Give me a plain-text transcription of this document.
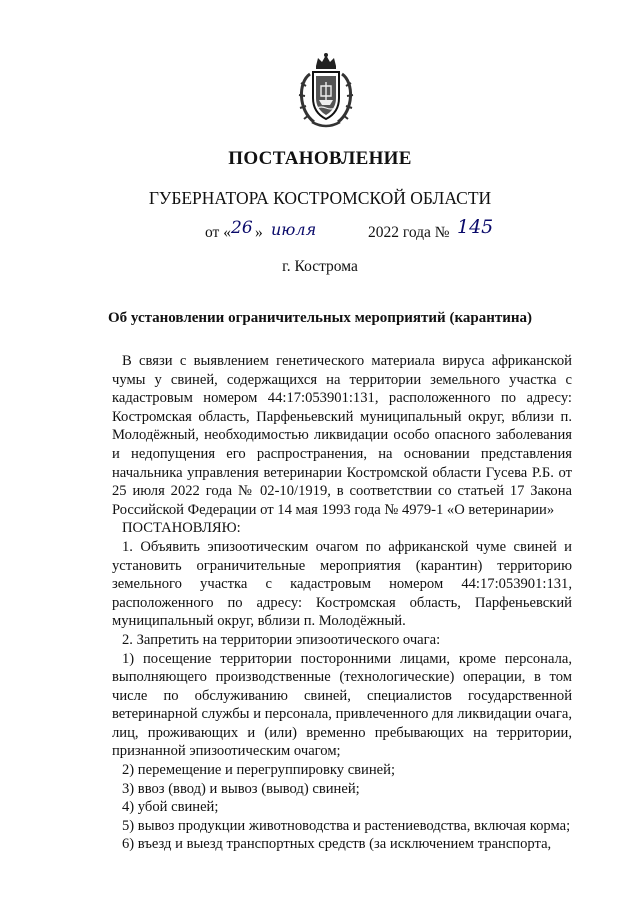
ПОСТАНОВЛЕНИЕ
ГУБЕРНАТОРА КОСТРОМСКОЙ ОБЛАСТИ
от « 26 » июля	2022 года № 145
г. Кострома
Об установлении ограничительных мероприятий (карантина)

В связи с выявлением генетического материала вируса африканской чумы у свиней, содержащихся на территории земельного участка с кадастровым номером 44:17:053901:131, расположенного по адресу: Костромская область, Парфеньевский муниципальный округ, вблизи п. Молодёжный, необходимостью ликвидации особо опасного заболевания и недопущения его распространения, на основании представления начальника управления ветеринарии Костромской области Гусева Р.Б. от 25 июля 2022 года № 02-10/1919, в соответствии со статьей 17 Закона Российской Федерации от 14 мая 1993 года № 4979-1 «О ветеринарии»

ПОСТАНОВЛЯЮ:

1. Объявить эпизоотическим очагом по африканской чуме свиней и установить ограничительные мероприятия (карантин) территорию земельного участка с кадастровым номером 44:17:053901:131, расположенного по адресу: Костромская область, Парфеньевский муниципальный округ, вблизи п. Молодёжный.

2. Запретить на территории эпизоотического очага:

1) посещение территории посторонними лицами, кроме персонала, выполняющего производственные (технологические) операции, в том числе по обслуживанию свиней, специалистов государственной ветеринарной службы и персонала, привлеченного для ликвидации очага, лиц, проживающих и (или) временно пребывающих на территории, признанной эпизоотическим очагом;

2) перемещение и перегруппировку свиней;

3) ввоз (ввод) и вывоз (вывод) свиней;

4) убой свиней;

5) вывоз продукции животноводства и растениеводства, включая корма;

6) въезд и выезд транспортных средств (за исключением транспорта,
